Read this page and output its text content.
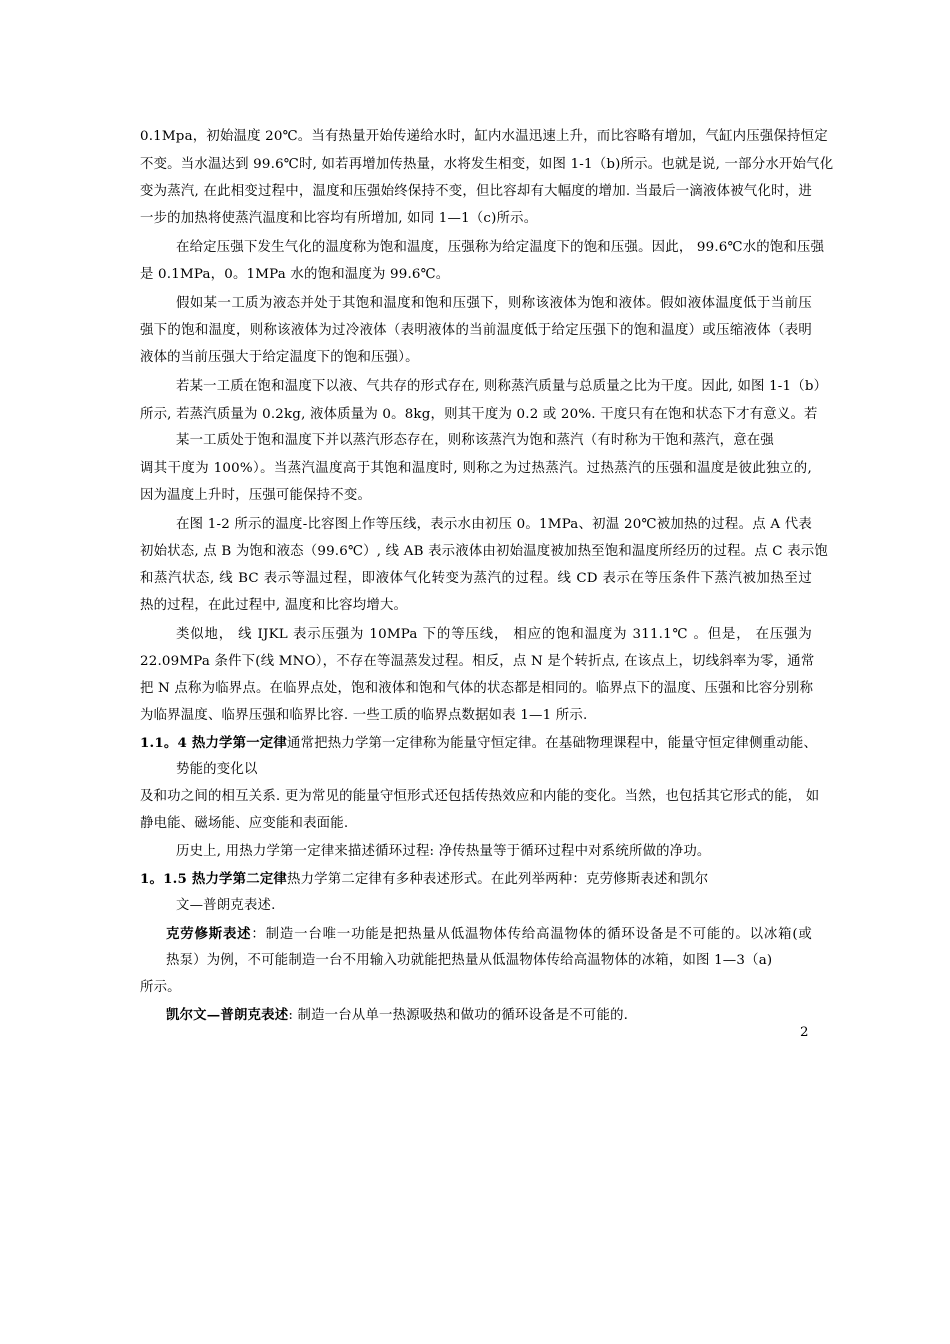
0.1Mpa，初始温度 20℃。当有热量开始传递给水时，缸内水温迅速上升，而比容略有增加，气缸内压强保持恒定
不变。当水温达到 99.6℃时, 如若再增加传热量，水将发生相变，如图 1-1（b)所示。也就是说, 一部分水开始气化
变为蒸汽, 在此相变过程中，温度和压强始终保持不变，但比容却有大幅度的增加. 当最后一滴液体被气化时，进
一步的加热将使蒸汽温度和比容均有所增加, 如同 1—1（c)所示。
在给定压强下发生气化的温度称为饱和温度，压强称为给定温度下的饱和压强。因此， 99.6℃水的饱和压强
是 0.1MPa，0。1MPa 水的饱和温度为 99.6℃。
假如某一工质为液态并处于其饱和温度和饱和压强下，则称该液体为饱和液体。假如液体温度低于当前压
强下的饱和温度，则称该液体为过冷液体（表明液体的当前温度低于给定压强下的饱和温度）或压缩液体（表明
液体的当前压强大于给定温度下的饱和压强）。
若某一工质在饱和温度下以液、气共存的形式存在, 则称蒸汽质量与总质量之比为干度。因此, 如图 1-1（b）
所示, 若蒸汽质量为 0.2kg, 液体质量为 0。8kg，则其干度为 0.2 或 20%. 干度只有在饱和状态下才有意义。若
某一工质处于饱和温度下并以蒸汽形态存在，则称该蒸汽为饱和蒸汽（有时称为干饱和蒸汽，意在强
调其干度为 100%）。当蒸汽温度高于其饱和温度时, 则称之为过热蒸汽。过热蒸汽的压强和温度是彼此独立的,
因为温度上升时，压强可能保持不变。
在图 1-2 所示的温度-比容图上作等压线，表示水由初压 0。1MPa、初温 20℃被加热的过程。点 A 代表
初始状态, 点 B 为饱和液态（99.6℃）, 线 AB 表示液体由初始温度被加热至饱和温度所经历的过程。点 C 表示饱
和蒸汽状态, 线 BC 表示等温过程，即液体气化转变为蒸汽的过程。线 CD 表示在等压条件下蒸汽被加热至过
热的过程，在此过程中, 温度和比容均增大。
类似地， 线 IJKL 表示压强为 10MPa 下的等压线， 相应的饱和温度为 311.1℃ 。但是， 在压强为
22.09MPa 条件下(线 MNO），不存在等温蒸发过程。相反，点 N 是个转折点, 在该点上，切线斜率为零，通常
把 N 点称为临界点。在临界点处，饱和液体和饱和气体的状态都是相同的。临界点下的温度、压强和比容分别称
为临界温度、临界压强和临界比容. 一些工质的临界点数据如表 1—1 所示.
1.1。4 热力学第一定律通常把热力学第一定律称为能量守恒定律。在基础物理课程中，能量守恒定律侧重动能、
势能的变化以
及和功之间的相互关系. 更为常见的能量守恒形式还包括传热效应和内能的变化。当然，也包括其它形式的能， 如
静电能、磁场能、应变能和表面能.
历史上, 用热力学第一定律来描述循环过程: 净传热量等于循环过程中对系统所做的净功。
1。1.5 热力学第二定律热力学第二定律有多种表述形式。在此列举两种：克劳修斯表述和凯尔
文—普朗克表述.
克劳修斯表述：制造一台唯一功能是把热量从低温物体传给高温物体的循环设备是不可能的。以冰箱(或
热泵）为例，不可能制造一台不用输入功就能把热量从低温物体传给高温物体的冰箱，如图 1—3（a)
所示。
凯尔文—普朗克表述: 制造一台从单一热源吸热和做功的循环设备是不可能的.
2
